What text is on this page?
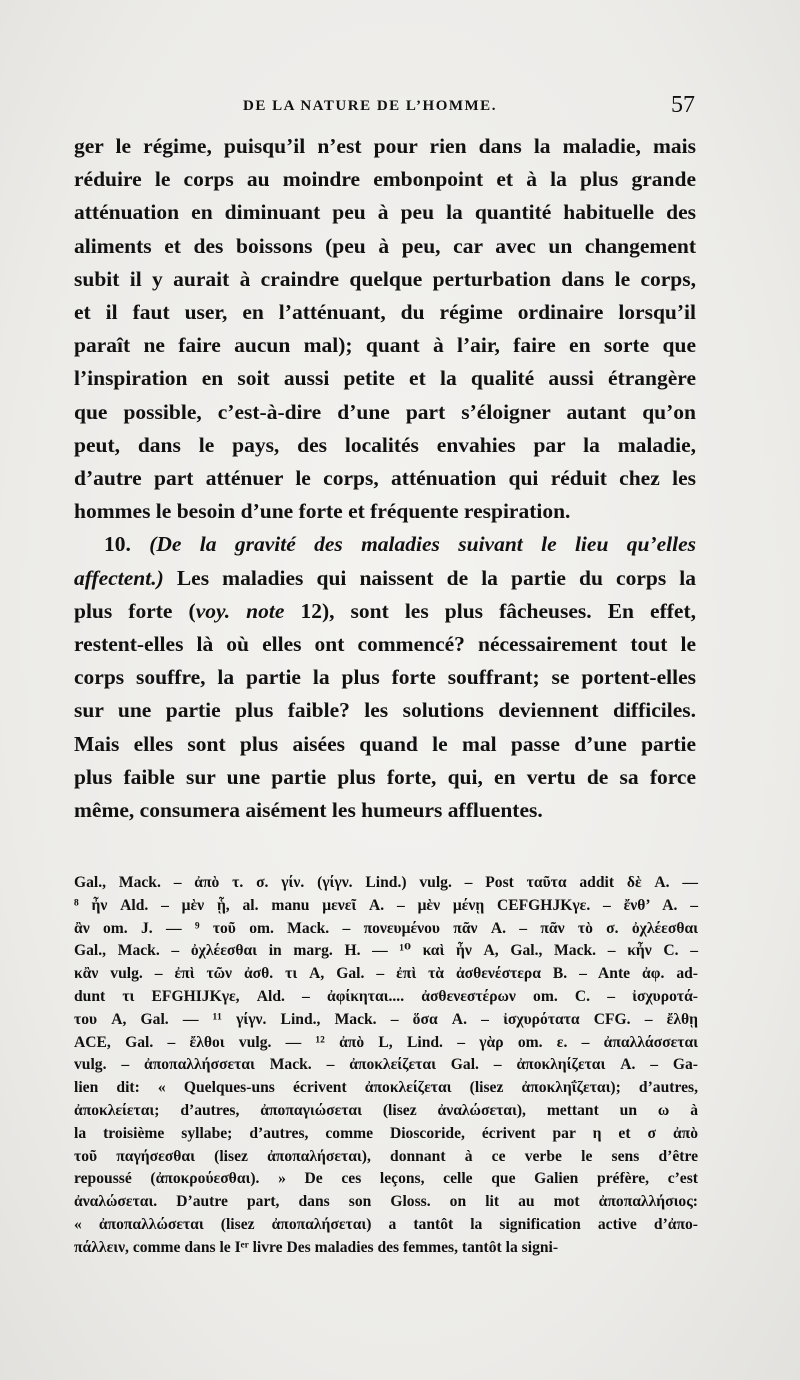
DE LA NATURE DE L’HOMME.	57
ger le régime, puisqu’il n’est pour rien dans la maladie, mais
réduire le corps au moindre embonpoint et à la plus grande
atténuation en diminuant peu à peu la quantité habituelle des
aliments et des boissons (peu à peu, car avec un changement
subit il y aurait à craindre quelque perturbation dans le corps,
et il faut user, en l’atténuant, du régime ordinaire lorsqu’il
paraît ne faire aucun mal); quant à l’air, faire en sorte que
l’inspiration en soit aussi petite et la qualité aussi étrangère
que possible, c’est-à-dire d’une part s’éloigner autant qu’on
peut, dans le pays, des localités envahies par la maladie,
d’autre part atténuer le corps, atténuation qui réduit chez les
hommes le besoin d’une forte et fréquente respiration.
10. (De la gravité des maladies suivant le lieu qu’elles
affectent.) Les maladies qui naissent de la partie du corps la
plus forte (voy. note 12), sont les plus fâcheuses. En effet,
restent-elles là où elles ont commencé? nécessairement tout le
corps souffre, la partie la plus forte souffrant; se portent-elles
sur une partie plus faible? les solutions deviennent difficiles.
Mais elles sont plus aisées quand le mal passe d’une partie
plus faible sur une partie plus forte, qui, en vertu de sa force
même, consumera aisément les humeurs affluentes.
Gal., Mack. – ἀπὸ τ. σ. γίν. (γίγν. Lind.) vulg. – Post ταῦτα addit δὲ A. —
⁸ ἦν Ald. – μὲν ᾗ, al. manu μενεῖ A. – μὲν μένῃ CEFGHJKγε. – ἔνθ’ A. –
ἂν om. J. — ⁹ τοῦ om. Mack. – πονευμένου πᾶν A. – πᾶν τὸ σ. ὀχλέεσθαι
Gal., Mack. – ὀχλέεσθαι in marg. H. — ¹⁰ καὶ ἦν A, Gal., Mack. – κἦν C. –
κἂν vulg. – ἐπὶ τῶν ἀσθ. τι A, Gal. – ἐπὶ τὰ ἀσθενέστερα B. – Ante ἀφ. ad-
dunt τι EFGHIJKγε, Ald. – ἀφίκηται.... ἀσθενεστέρων om. C. – ἰσχυροτά-
του A, Gal. — ¹¹ γίγν. Lind., Mack. – ὅσα A. – ἰσχυρότατα CFG. – ἔλθῃ
ACE, Gal. – ἔλθοι vulg. — ¹² ἀπὸ L, Lind. – γὰρ om. ε. – ἀπαλλάσσεται
vulg. – ἀποπαλλήσσεται Mack. – ἀποκλείζεται Gal. – ἀποκληίζεται A. – Ga-
lien dit: « Quelques-uns écrivent ἀποκλείζεται (lisez ἀποκληΐζεται); d’autres,
ἀποκλείεται; d’autres, ἀποπαγιώσεται (lisez ἀναλώσεται), mettant un ω à
la troisième syllabe; d’autres, comme Dioscoride, écrivent par η et σ ἀπὸ
τοῦ παγήσεσθαι (lisez ἀποπαλήσεται), donnant à ce verbe le sens d’être
repoussé (ἀποκρούεσθαι). » De ces leçons, celle que Galien préfère, c’est
ἀναλώσεται. D’autre part, dans son Gloss. on lit au mot ἀποπαλλήσιος:
« ἀποπαλλώσεται (lisez ἀποπαλήσεται) a tantôt la signification active d’ἀπο-
πάλλειν, comme dans le Iᵉʳ livre Des maladies des femmes, tantôt la signi-
